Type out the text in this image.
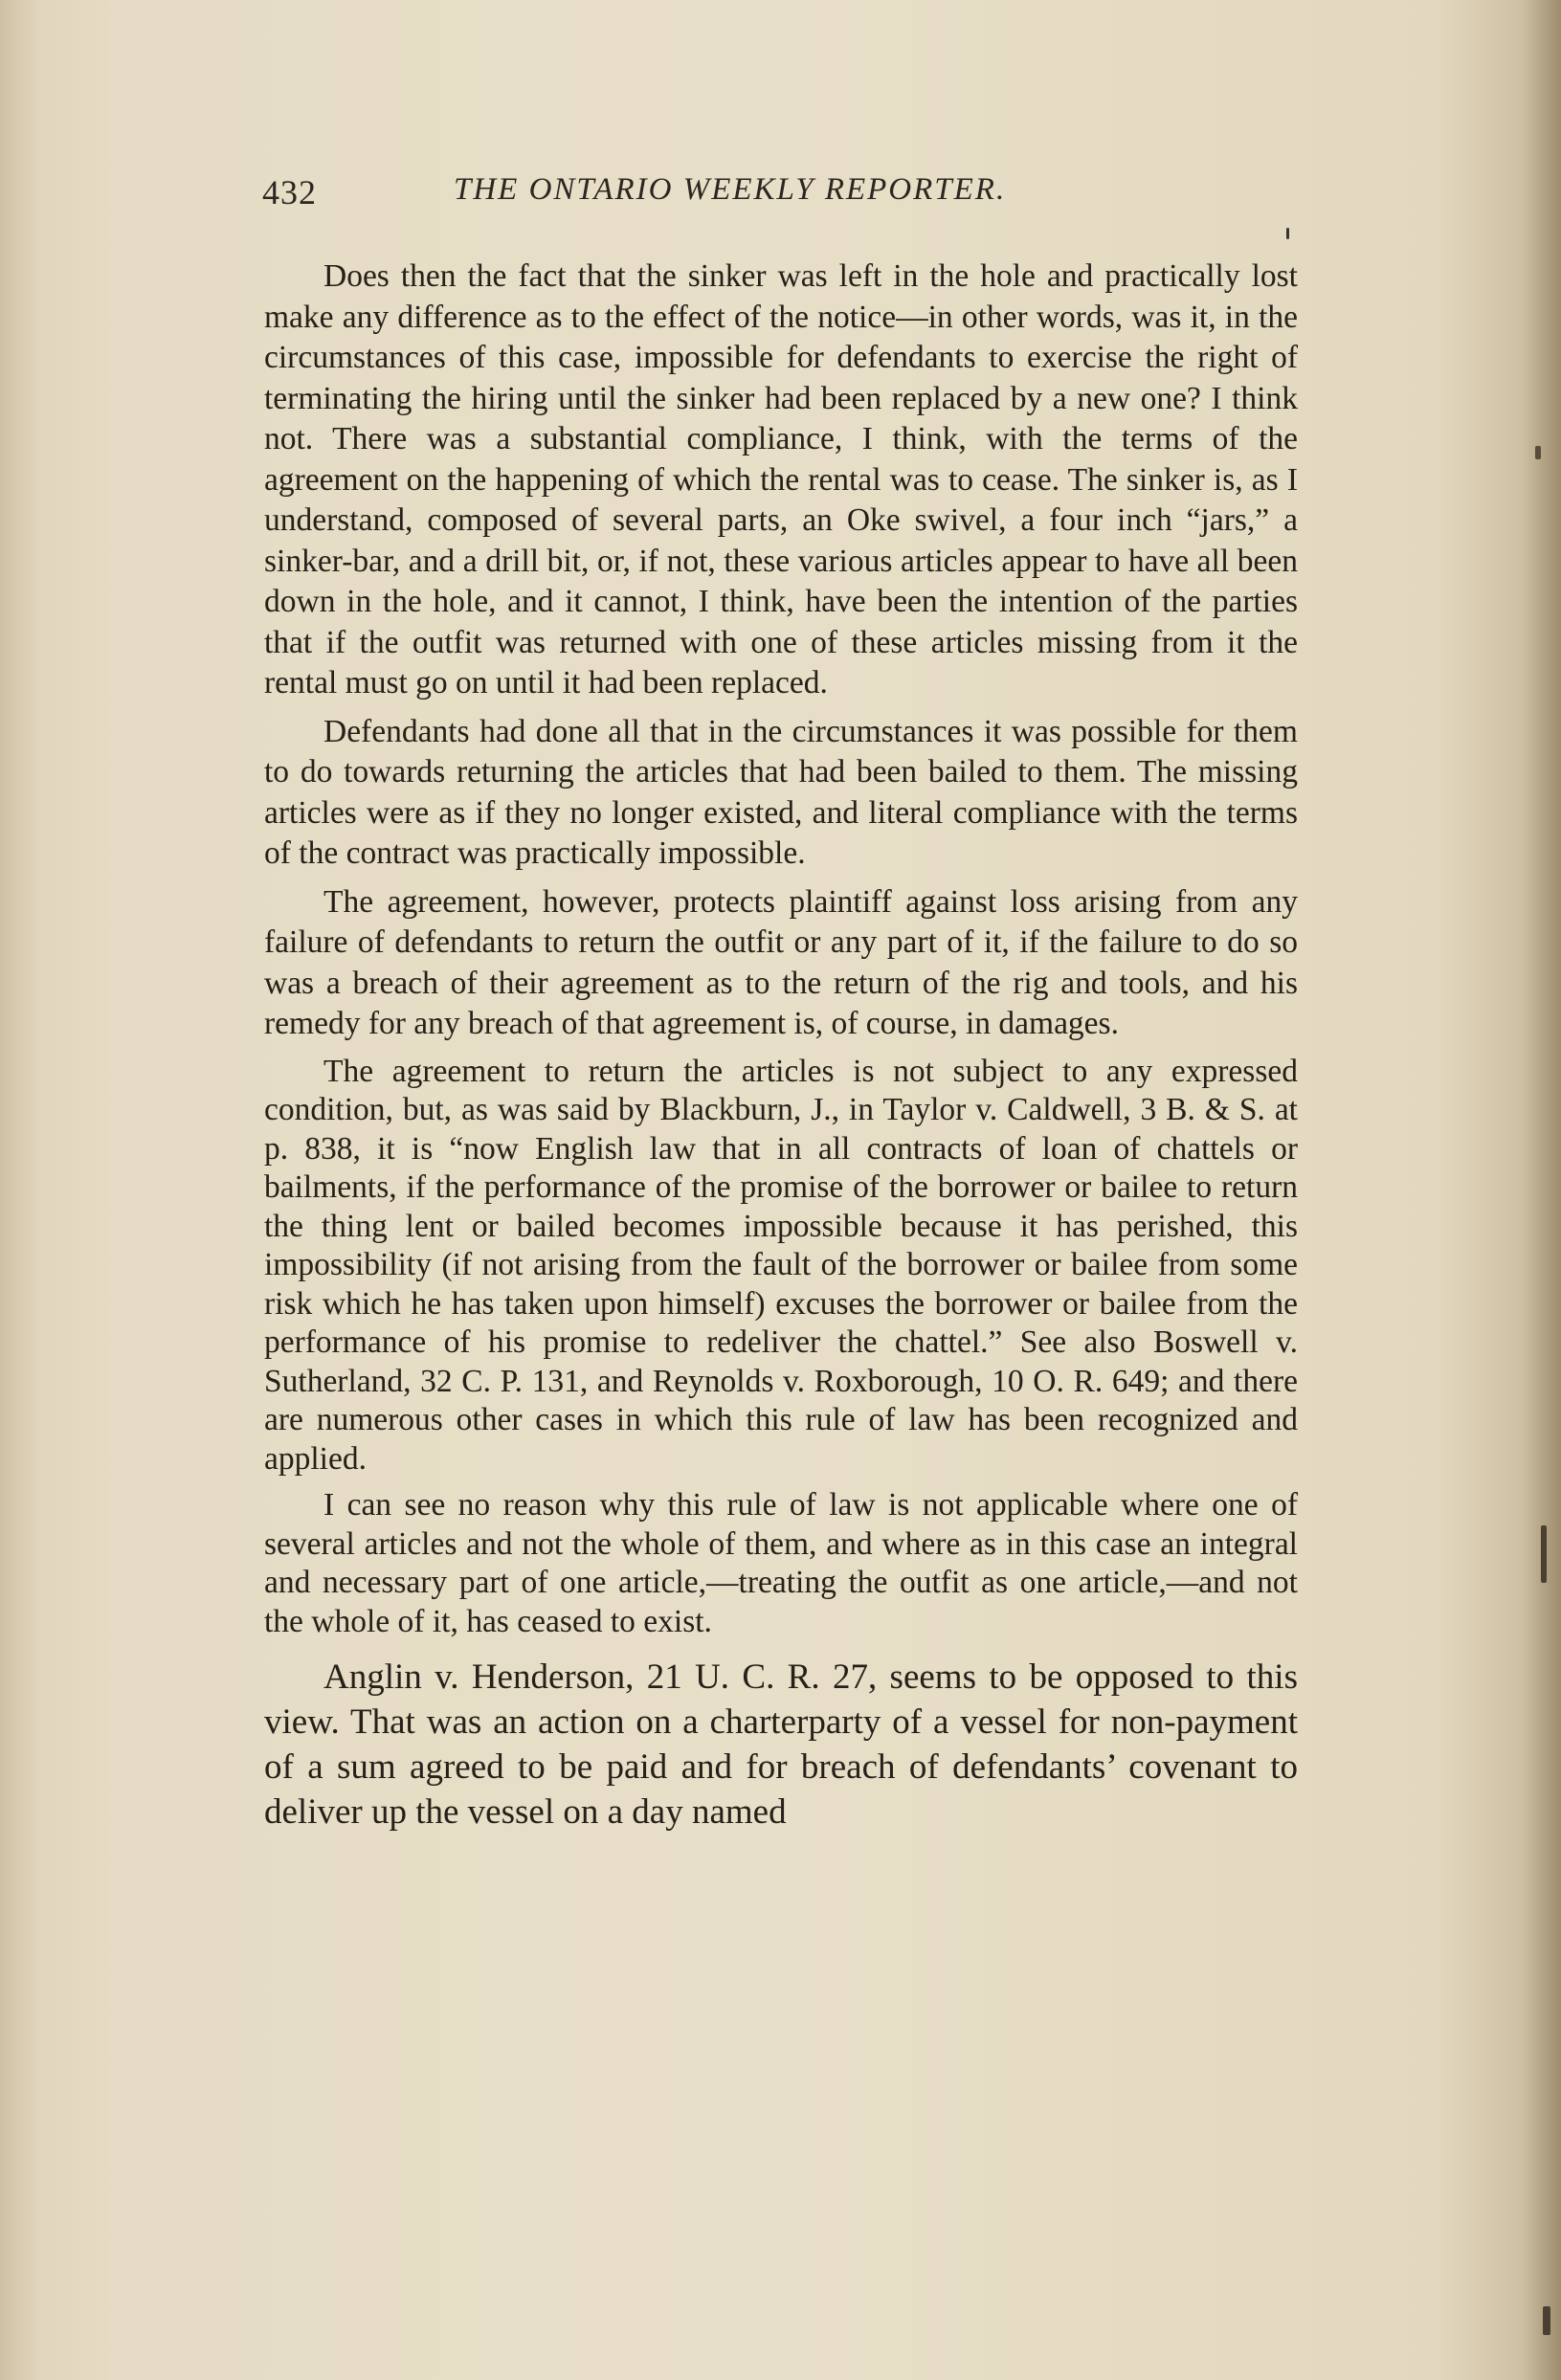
432	THE ONTARIO WEEKLY REPORTER.

Does then the fact that the sinker was left in the hole and practically lost make any difference as to the effect of the notice—in other words, was it, in the circumstances of this case, impossible for defendants to exercise the right of terminating the hiring until the sinker had been replaced by a new one? I think not. There was a substantial compliance, I think, with the terms of the agreement on the happening of which the rental was to cease. The sinker is, as I understand, composed of several parts, an Oke swivel, a four inch “jars,” a sinker-bar, and a drill bit, or, if not, these various articles appear to have all been down in the hole, and it cannot, I think, have been the intention of the parties that if the outfit was returned with one of these articles missing from it the rental must go on until it had been replaced.

Defendants had done all that in the circumstances it was possible for them to do towards returning the articles that had been bailed to them. The missing articles were as if they no longer existed, and literal compliance with the terms of the contract was practically impossible.

The agreement, however, protects plaintiff against loss arising from any failure of defendants to return the outfit or any part of it, if the failure to do so was a breach of their agreement as to the return of the rig and tools, and his remedy for any breach of that agreement is, of course, in damages.

The agreement to return the articles is not subject to any expressed condition, but, as was said by Blackburn, J., in Taylor v. Caldwell, 3 B. & S. at p. 838, it is “now English law that in all contracts of loan of chattels or bailments, if the performance of the promise of the borrower or bailee to return the thing lent or bailed becomes impossible because it has perished, this impossibility (if not arising from the fault of the borrower or bailee from some risk which he has taken upon himself) excuses the borrower or bailee from the performance of his promise to redeliver the chattel.” See also Boswell v. Sutherland, 32 C. P. 131, and Reynolds v. Roxborough, 10 O. R. 649; and there are numerous other cases in which this rule of law has been recognized and applied.

I can see no reason why this rule of law is not applicable where one of several articles and not the whole of them, and where as in this case an integral and necessary part of one article,—treating the outfit as one article,—and not the whole of it, has ceased to exist.

Anglin v. Henderson, 21 U. C. R. 27, seems to be opposed to this view. That was an action on a charterparty of a vessel for non-payment of a sum agreed to be paid and for breach of defendants’ covenant to deliver up the vessel on a day named
